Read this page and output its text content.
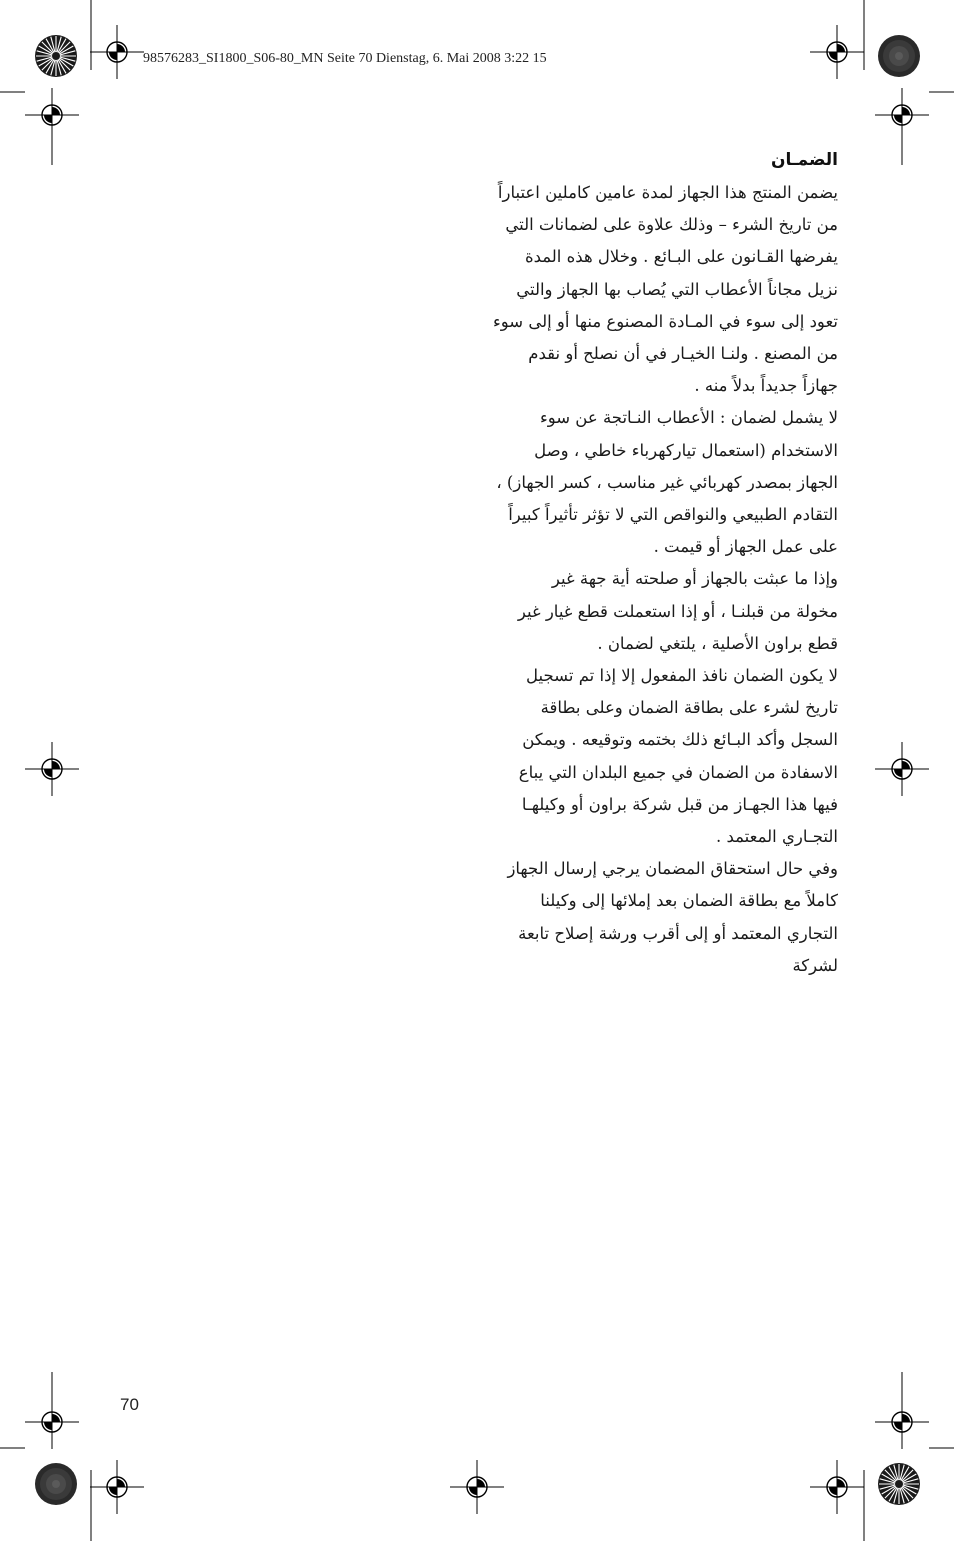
98576283_SI1800_S06-80_MN Seite 70 Dienstag, 6. Mai 2008 3:22 15
الضمـان
يضمن المنتج هذا الجهاز لمدة عامين كاملين اعتباراً
من تاريخ الشرء – وذلك علاوة على لضمانات التي
يفرضها القـانون على البـائع . وخلال هذه المدة
نزيل مجاناً الأعطاب التي يُصاب بها الجهاز والتي
تعود إلى سوء في المـادة المصنوع منها أو إلى سوء
من المصنع . ولنـا الخيـار في أن نصلح أو نقدم
جهازاً جديداً بدلاً منه .
لا يشمل لضمان : الأعطاب النـاتجة عن سوء
الاستخدام (استعمال تياركهرباء خاطي ، وصل
الجهاز بمصدر كهربائي غير مناسب ، كسر الجهاز) ،
التقادم الطبيعي والنواقص التي لا تؤثر تأثيراً كبيراً
على عمل الجهاز أو قيمت .
وإذا ما عبثت بالجهاز أو صلحته أية جهة غير
مخولة من قبلنـا ، أو إذا استعملت قطع غيار غير
قطع براون الأصلية ، يلتغي لضمان .
لا يكون الضمان نافذ المفعول إلا إذا تم تسجيل
تاريخ لشرء على بطاقة الضمان وعلى بطاقة
السجل وأكد البـائع ذلك بختمه وتوقيعه . ويمكن
الاسفادة من الضمان في جميع البلدان التي يباع
فيها هذا الجهـاز من قبل شركة براون أو وكيلهـا
التجـاري المعتمد .
وفي حال استحقاق المضمان يرجي إرسال الجهاز
كاملاً مع بطاقة الضمان بعد إملائها إلى وكيلنا
التجاري المعتمد أو إلى أقرب ورشة إصلاح تابعة
لشركة
70
